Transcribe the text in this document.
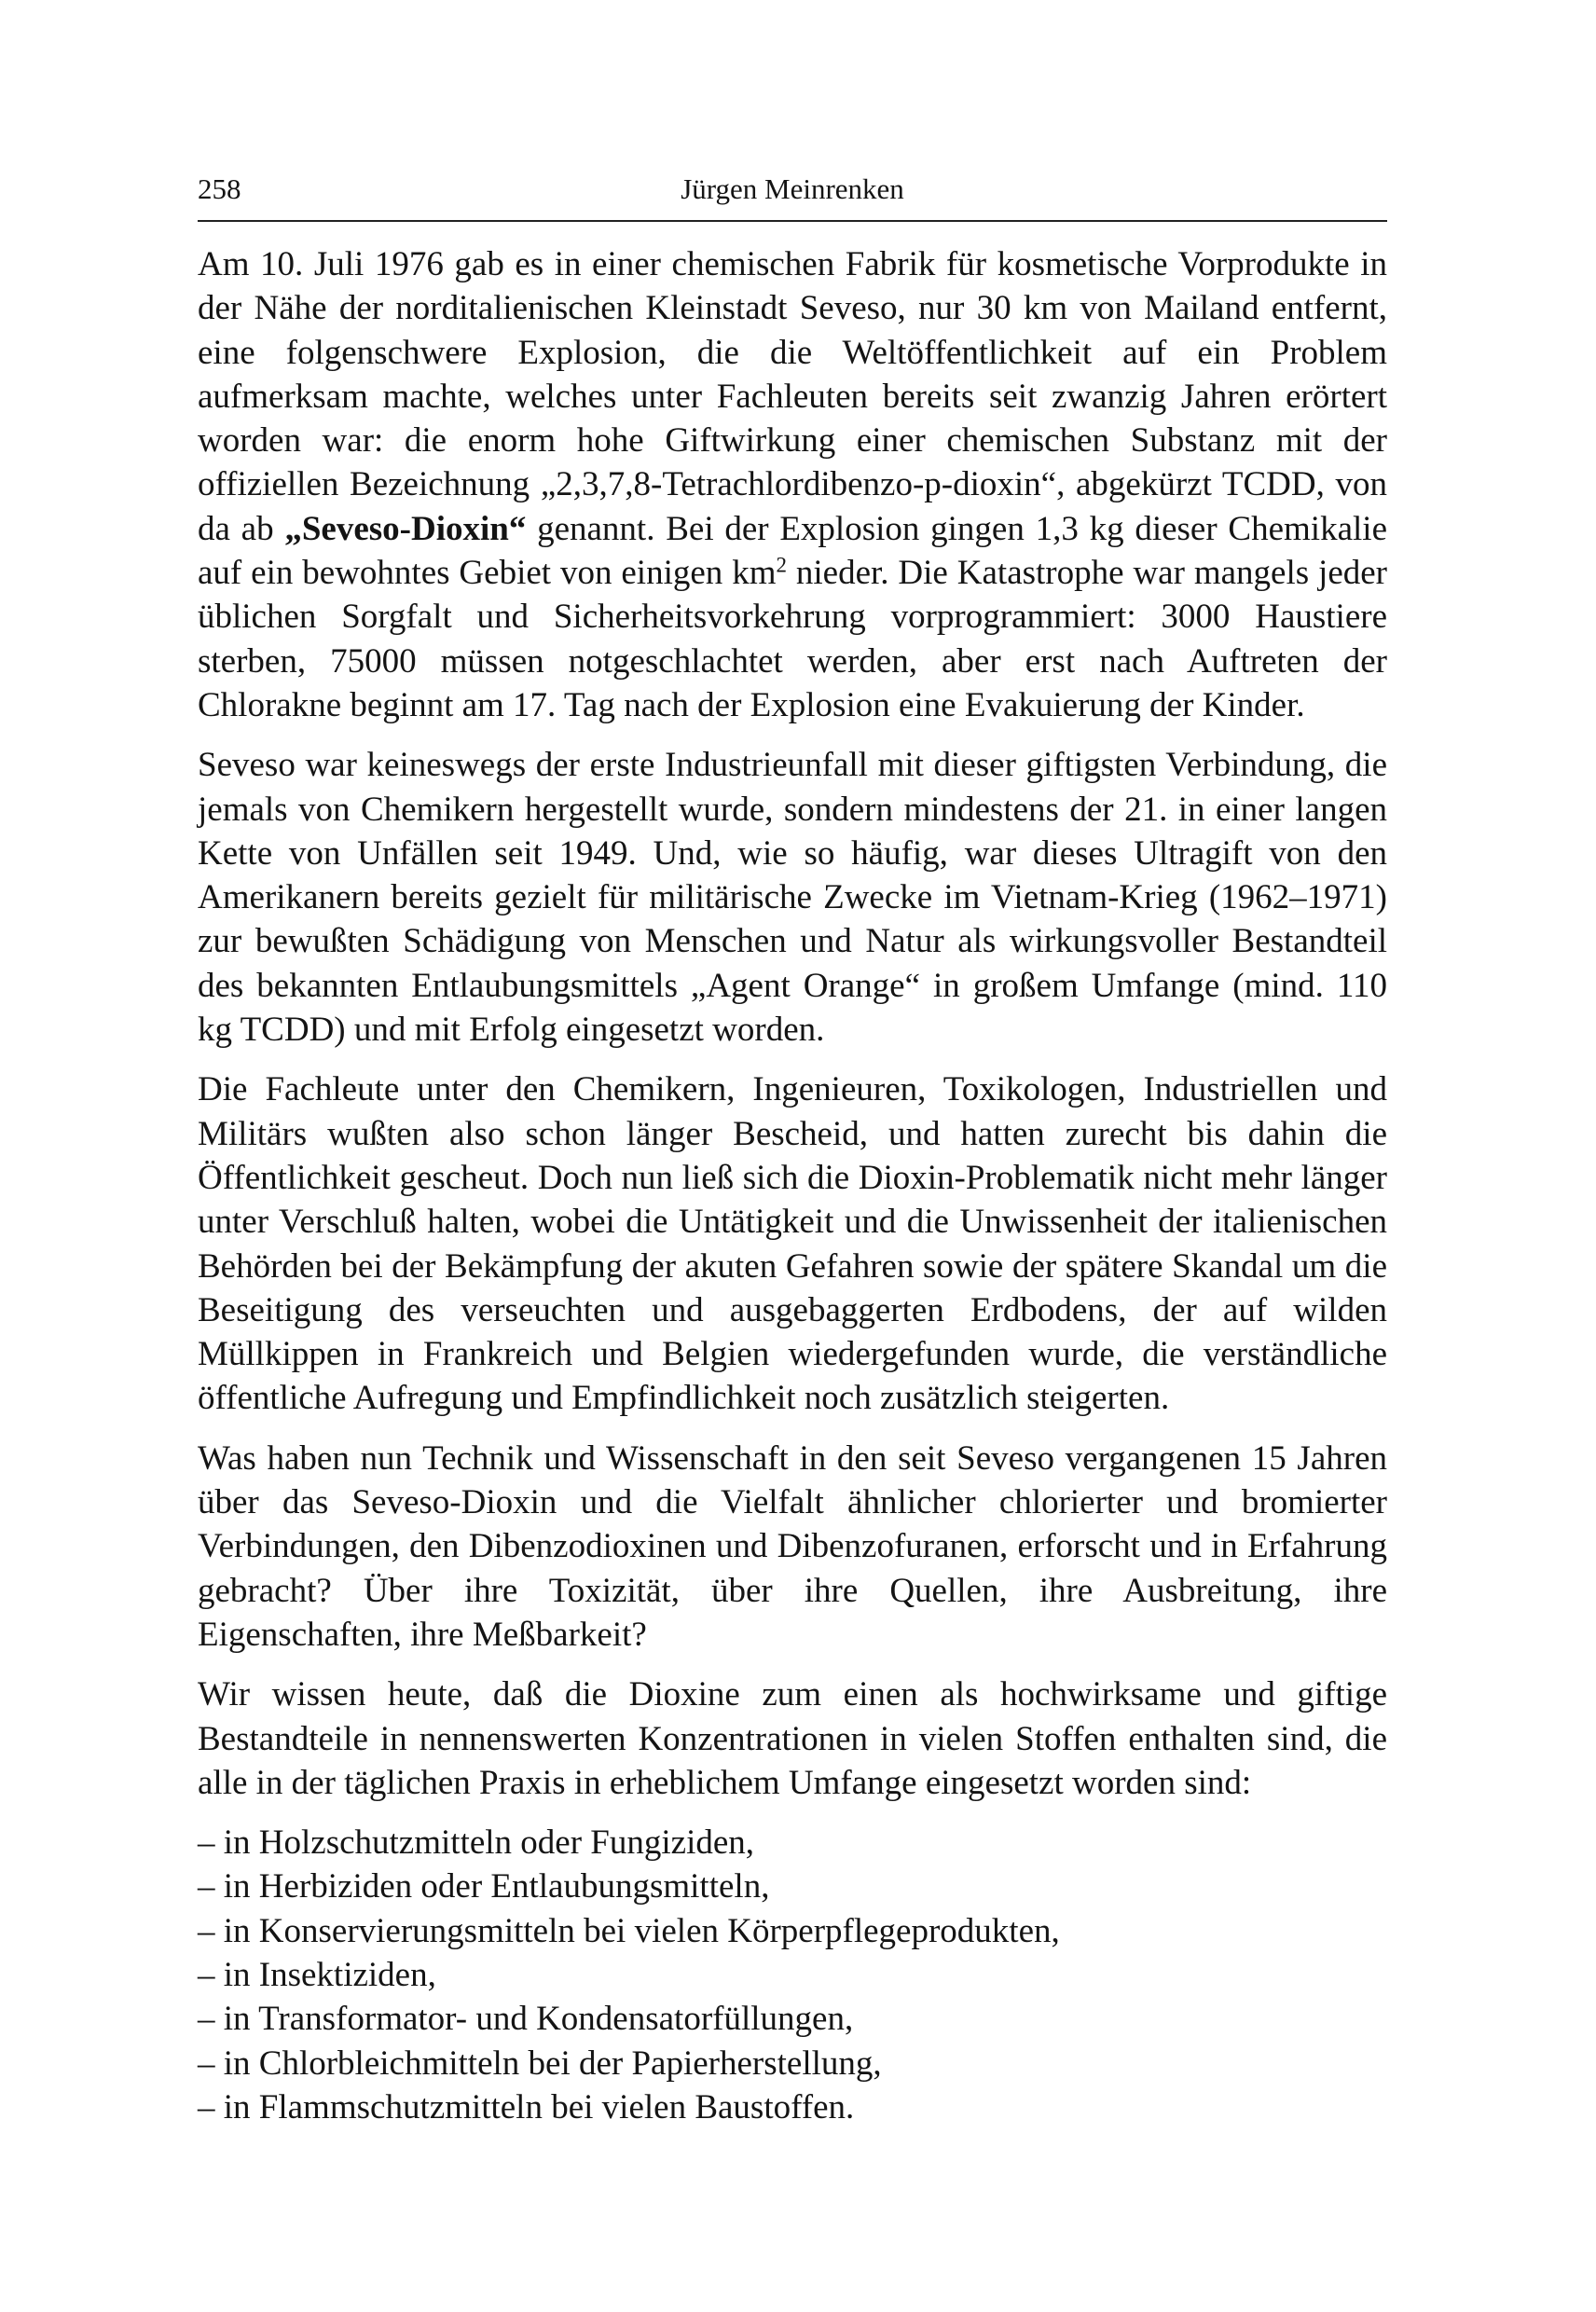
258	Jürgen Meinrenken

Am 10. Juli 1976 gab es in einer chemischen Fabrik für kosmetische Vorprodukte in der Nähe der norditalienischen Kleinstadt Seveso, nur 30 km von Mailand entfernt, eine folgenschwere Explosion, die die Weltöffentlichkeit auf ein Problem aufmerksam machte, welches unter Fachleuten bereits seit zwanzig Jahren erörtert worden war: die enorm hohe Giftwirkung einer chemischen Substanz mit der offiziellen Bezeichnung „2,3,7,8-Tetrachlordibenzo-p-dioxin“, abgekürzt TCDD, von da ab „Seveso-Dioxin“ genannt. Bei der Explosion gingen 1,3 kg dieser Chemikalie auf ein bewohntes Gebiet von einigen $km^2$ nieder. Die Katastrophe war mangels jeder üblichen Sorgfalt und Sicherheitsvorkehrung vorprogrammiert: 3000 Haustiere sterben, 75000 müssen notgeschlachtet werden, aber erst nach Auftreten der Chlorakne beginnt am 17. Tag nach der Explosion eine Evakuierung der Kinder.

Seveso war keineswegs der erste Industrieunfall mit dieser giftigsten Verbindung, die jemals von Chemikern hergestellt wurde, sondern mindestens der 21. in einer langen Kette von Unfällen seit 1949. Und, wie so häufig, war dieses Ultragift von den Amerikanern bereits gezielt für militärische Zwecke im Vietnam-Krieg (1962–1971) zur bewußten Schädigung von Menschen und Natur als wirkungsvoller Bestandteil des bekannten Entlaubungsmittels „Agent Orange“ in großem Umfange (mind. 110 kg TCDD) und mit Erfolg eingesetzt worden.

Die Fachleute unter den Chemikern, Ingenieuren, Toxikologen, Industriellen und Militärs wußten also schon länger Bescheid, und hatten zurecht bis dahin die Öffentlichkeit gescheut. Doch nun ließ sich die Dioxin-Problematik nicht mehr länger unter Verschluß halten, wobei die Untätigkeit und die Unwissenheit der italienischen Behörden bei der Bekämpfung der akuten Gefahren sowie der spätere Skandal um die Beseitigung des verseuchten und ausgebaggerten Erdbodens, der auf wilden Müllkippen in Frankreich und Belgien wiedergefunden wurde, die verständliche öffentliche Aufregung und Empfindlichkeit noch zusätzlich steigerten.

Was haben nun Technik und Wissenschaft in den seit Seveso vergangenen 15 Jahren über das Seveso-Dioxin und die Vielfalt ähnlicher chlorierter und bromierter Verbindungen, den Dibenzodioxinen und Dibenzofuranen, erforscht und in Erfahrung gebracht? Über ihre Toxizität, über ihre Quellen, ihre Ausbreitung, ihre Eigenschaften, ihre Meßbarkeit?

Wir wissen heute, daß die Dioxine zum einen als hochwirksame und giftige Bestandteile in nennenswerten Konzentrationen in vielen Stoffen enthalten sind, die alle in der täglichen Praxis in erheblichem Umfange eingesetzt worden sind:

– in Holzschutzmitteln oder Fungiziden,
– in Herbiziden oder Entlaubungsmitteln,
– in Konservierungsmitteln bei vielen Körperpflegeprodukten,
– in Insektiziden,
– in Transformator- und Kondensatorfüllungen,
– in Chlorbleichmitteln bei der Papierherstellung,
– in Flammschutzmitteln bei vielen Baustoffen.
